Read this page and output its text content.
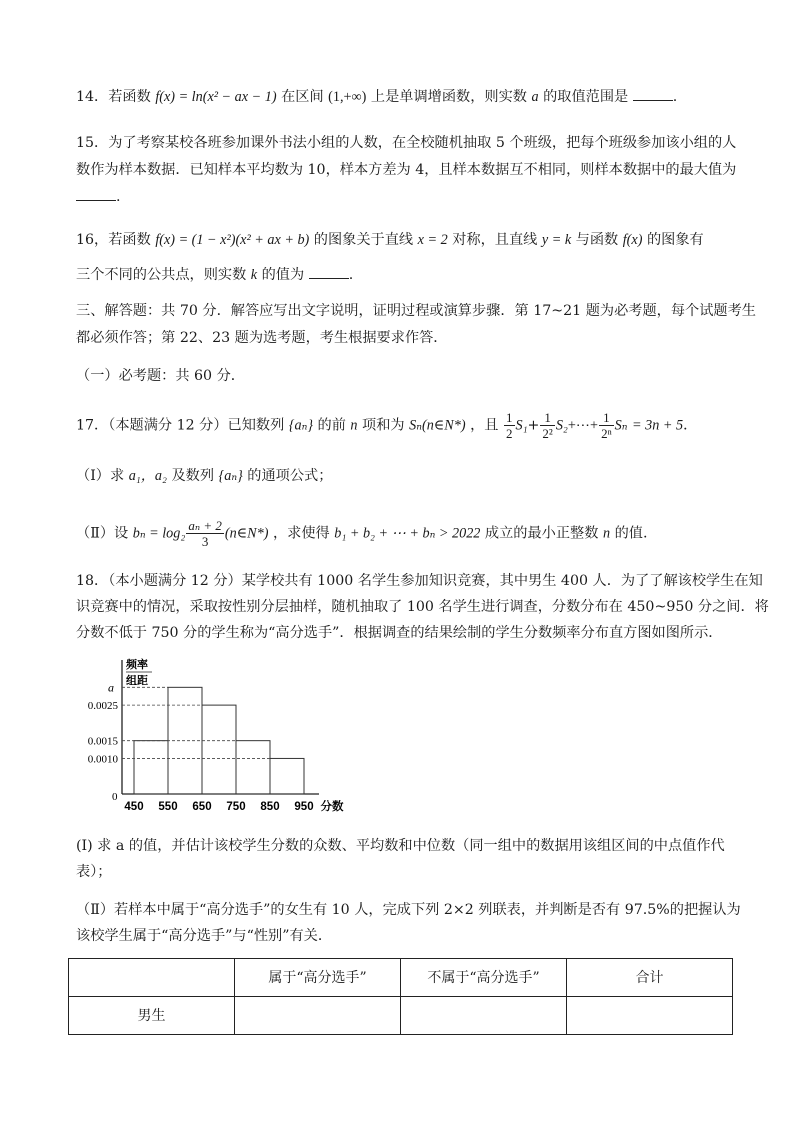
14．若函数 f(x) = ln(x² − ax − 1) 在区间 (1,+∞) 上是单调增函数，则实数 a 的取值范围是	.
15．为了考察某校各班参加课外书法小组的人数，在全校随机抽取 5 个班级，把每个班级参加该小组的人
数作为样本数据．已知样本平均数为 10，样本方差为 4，且样本数据互不相同，则样本数据中的最大值为
.
16，若函数 f(x) = (1 − x²)(x² + ax + b) 的图象关于直线 x = 2 对称，且直线 y = k 与函数 f(x) 的图象有
三个不同的公共点，则实数 k 的值为	.
三、解答题：共 70 分．解答应写出文字说明，证明过程或演算步骤．第 17~21 题为必考题，每个试题考生
都必须作答；第 22、23 题为选考题，考生根据要求作答．
（一）必考题：共 60 分．
17．（本题满分 12 分）已知数列 {aₙ} 的前 n 项和为 Sₙ(n∈N*) ，且 $\frac{1}{2} S_1+ \frac{1}{\text{2²}}$ S₂+⋯+ $\frac{1}{\text{2ⁿ}}$ Sₙ = 3n + 5．
（Ⅰ）求 a₁，a₂ 及数列 {aₙ} 的通项公式；
（Ⅱ）设 $b_n = \log_2 \frac{\text{aₙ + 2}}{3}$ (n∈N*) ，求使得 b₁ + b₂ + ⋯ + bₙ > 2022 成立的最小正整数 n 的值.
18．（本小题满分 12 分）某学校共有 1000 名学生参加知识竞赛，其中男生 400 人．为了了解该校学生在知
识竞赛中的情况，采取按性别分层抽样，随机抽取了 100 名学生进行调查，分数分布在 450~950 分之间．将
分数不低于 750 分的学生称为“高分选手”．根据调查的结果绘制的学生分数频率分布直方图如图所示．
频率
组距
0
0.0010
0.0015
0.0025
a
450 550 650 750 850 950 分数
(Ⅰ) 求 a 的值，并估计该校学生分数的众数、平均数和中位数（同一组中的数据用该组区间的中点值作代
表）；
（Ⅱ）若样本中属于“高分选手”的女生有 10 人，完成下列 2×2 列联表，并判断是否有 97.5%的把握认为
该校学生属于“高分选手”与“性别”有关．
	属于“高分选手”	不属于“高分选手”	合计
男生			
